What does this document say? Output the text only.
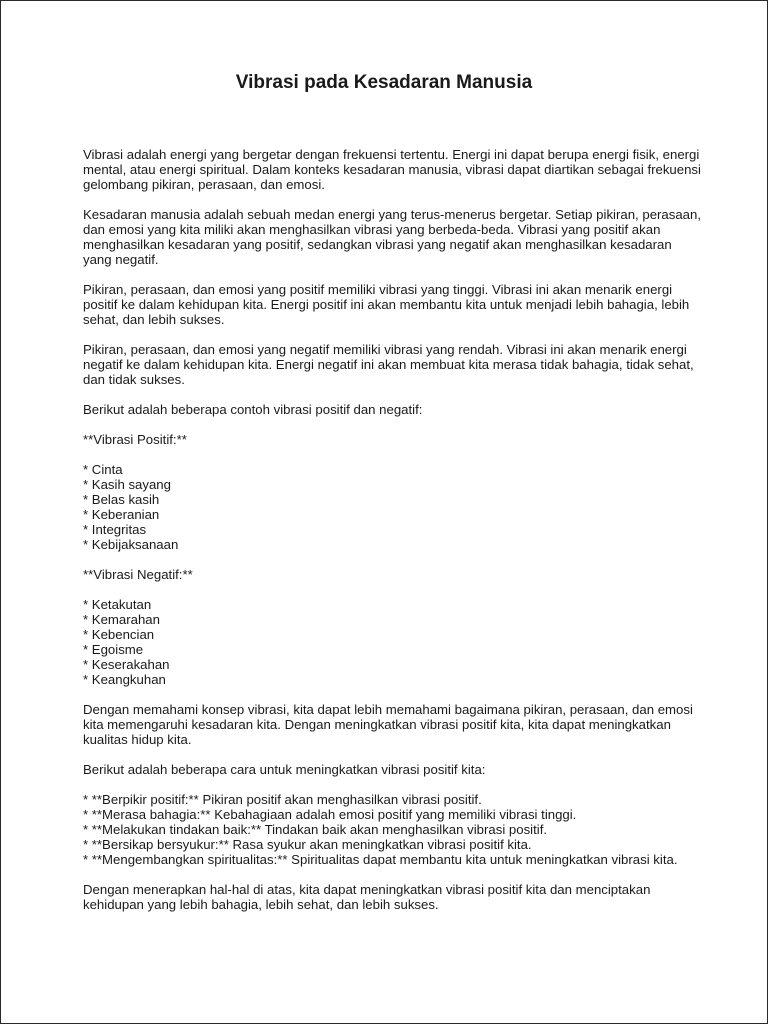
Vibrasi pada Kesadaran Manusia

Vibrasi adalah energi yang bergetar dengan frekuensi tertentu. Energi ini dapat berupa energi fisik, energi mental, atau energi spiritual. Dalam konteks kesadaran manusia, vibrasi dapat diartikan sebagai frekuensi gelombang pikiran, perasaan, dan emosi.

Kesadaran manusia adalah sebuah medan energi yang terus-menerus bergetar. Setiap pikiran, perasaan, dan emosi yang kita miliki akan menghasilkan vibrasi yang berbeda-beda. Vibrasi yang positif akan menghasilkan kesadaran yang positif, sedangkan vibrasi yang negatif akan menghasilkan kesadaran yang negatif.

Pikiran, perasaan, dan emosi yang positif memiliki vibrasi yang tinggi. Vibrasi ini akan menarik energi positif ke dalam kehidupan kita. Energi positif ini akan membantu kita untuk menjadi lebih bahagia, lebih sehat, dan lebih sukses.

Pikiran, perasaan, dan emosi yang negatif memiliki vibrasi yang rendah. Vibrasi ini akan menarik energi negatif ke dalam kehidupan kita. Energi negatif ini akan membuat kita merasa tidak bahagia, tidak sehat, dan tidak sukses.

Berikut adalah beberapa contoh vibrasi positif dan negatif:

**Vibrasi Positif:**

* Cinta
* Kasih sayang
* Belas kasih
* Keberanian
* Integritas
* Kebijaksanaan

**Vibrasi Negatif:**

* Ketakutan
* Kemarahan
* Kebencian
* Egoisme
* Keserakahan
* Keangkuhan

Dengan memahami konsep vibrasi, kita dapat lebih memahami bagaimana pikiran, perasaan, dan emosi kita memengaruhi kesadaran kita. Dengan meningkatkan vibrasi positif kita, kita dapat meningkatkan kualitas hidup kita.

Berikut adalah beberapa cara untuk meningkatkan vibrasi positif kita:

* **Berpikir positif:** Pikiran positif akan menghasilkan vibrasi positif.
* **Merasa bahagia:** Kebahagiaan adalah emosi positif yang memiliki vibrasi tinggi.
* **Melakukan tindakan baik:** Tindakan baik akan menghasilkan vibrasi positif.
* **Bersikap bersyukur:** Rasa syukur akan meningkatkan vibrasi positif kita.
* **Mengembangkan spiritualitas:** Spiritualitas dapat membantu kita untuk meningkatkan vibrasi kita.

Dengan menerapkan hal-hal di atas, kita dapat meningkatkan vibrasi positif kita dan menciptakan kehidupan yang lebih bahagia, lebih sehat, dan lebih sukses.
